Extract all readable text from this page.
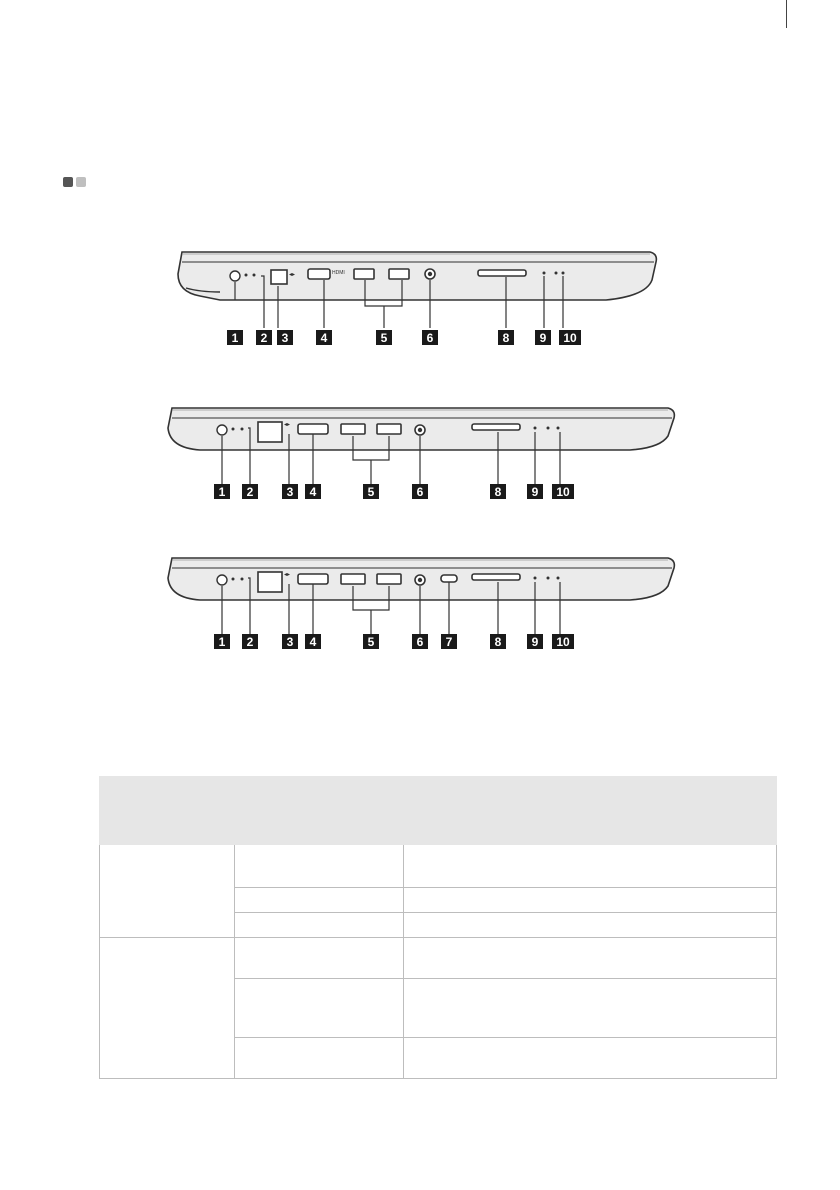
◂▸	HDMI
1 2 3	4	5	6	8	9 10
◂▸
1 2	3 4	5	6	8	9 10
◂▸
1 2	3 4	5	6 7	8	9 10
